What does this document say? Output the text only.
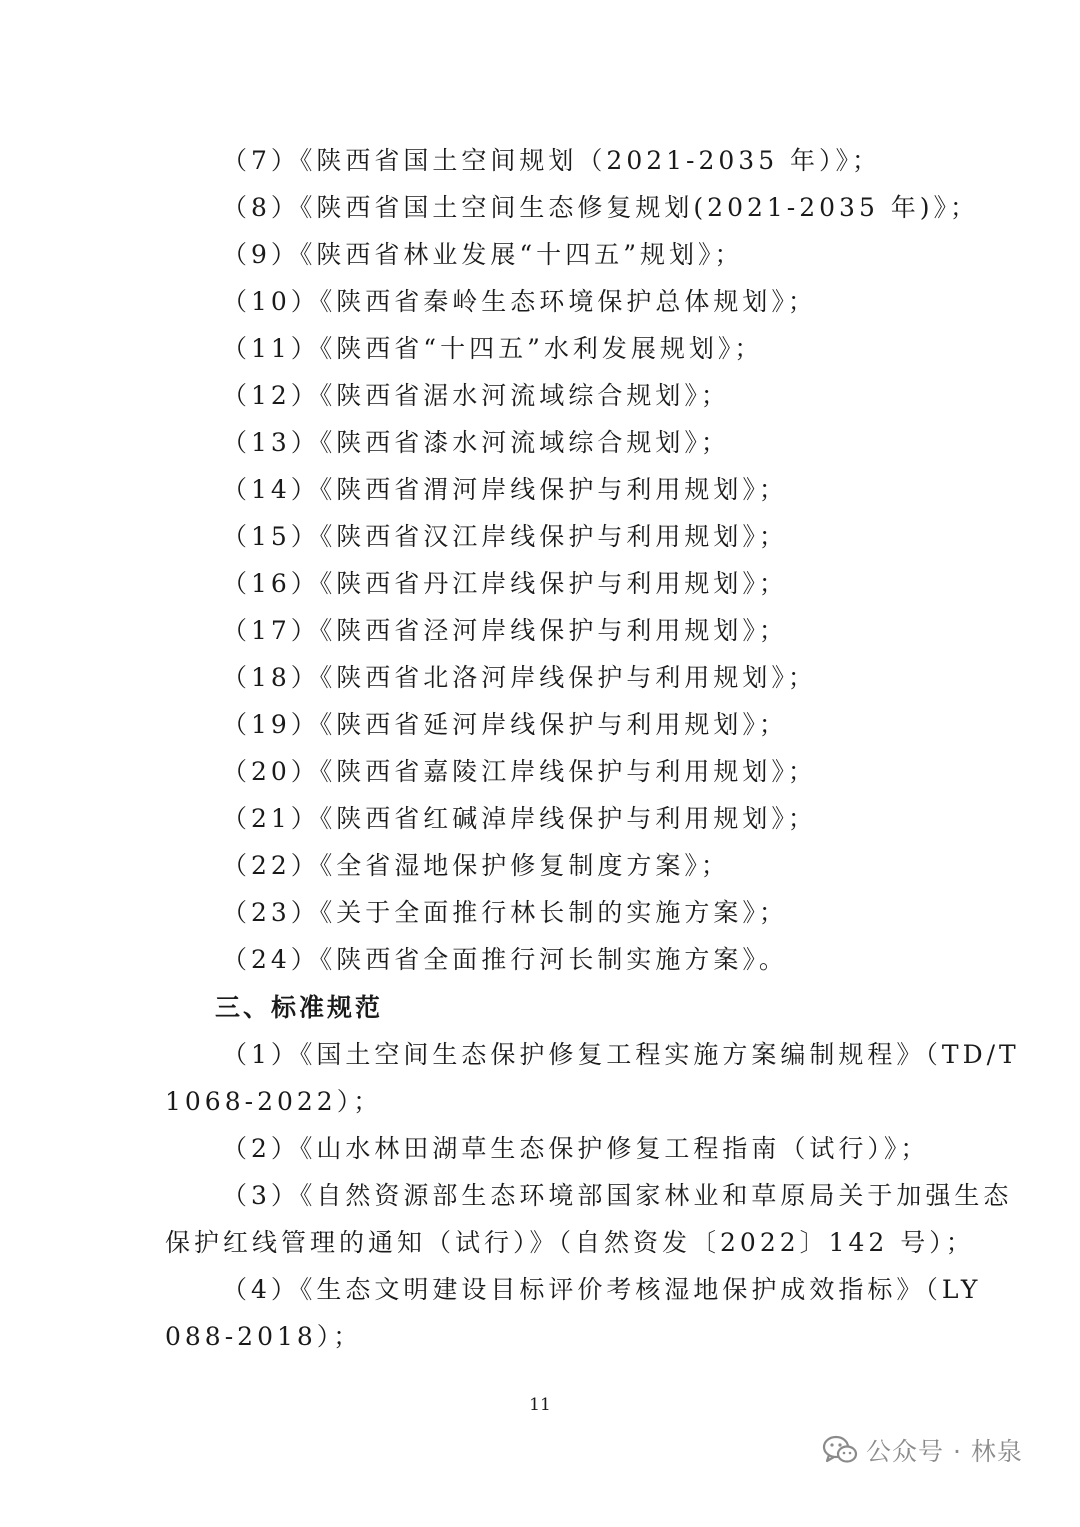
（7）《陕西省国土空间规划（2021-2035 年）》；
（8）《陕西省国土空间生态修复规划(2021-2035 年)》；
（9）《陕西省林业发展“十四五”规划》；
（10）《陕西省秦岭生态环境保护总体规划》；
（11）《陕西省“十四五”水利发展规划》；
（12）《陕西省涺水河流域综合规划》；
（13）《陕西省漆水河流域综合规划》；
（14）《陕西省渭河岸线保护与利用规划》；
（15）《陕西省汉江岸线保护与利用规划》；
（16）《陕西省丹江岸线保护与利用规划》；
（17）《陕西省泾河岸线保护与利用规划》；
（18）《陕西省北洛河岸线保护与利用规划》；
（19）《陕西省延河岸线保护与利用规划》；
（20）《陕西省嘉陵江岸线保护与利用规划》；
（21）《陕西省红碱淖岸线保护与利用规划》；
（22）《全省湿地保护修复制度方案》；
（23）《关于全面推行林长制的实施方案》；
（24）《陕西省全面推行河长制实施方案》。
三、标准规范
（1）《国土空间生态保护修复工程实施方案编制规程》（TD/T
1068-2022）；
（2）《山水林田湖草生态保护修复工程指南（试行）》；
（3）《自然资源部生态环境部国家林业和草原局关于加强生态
保护红线管理的通知（试行）》（自然资发〔2022〕142 号）；
（4）《生态文明建设目标评价考核湿地保护成效指标》（LY
088-2018）；
11
公众号 · 林泉
